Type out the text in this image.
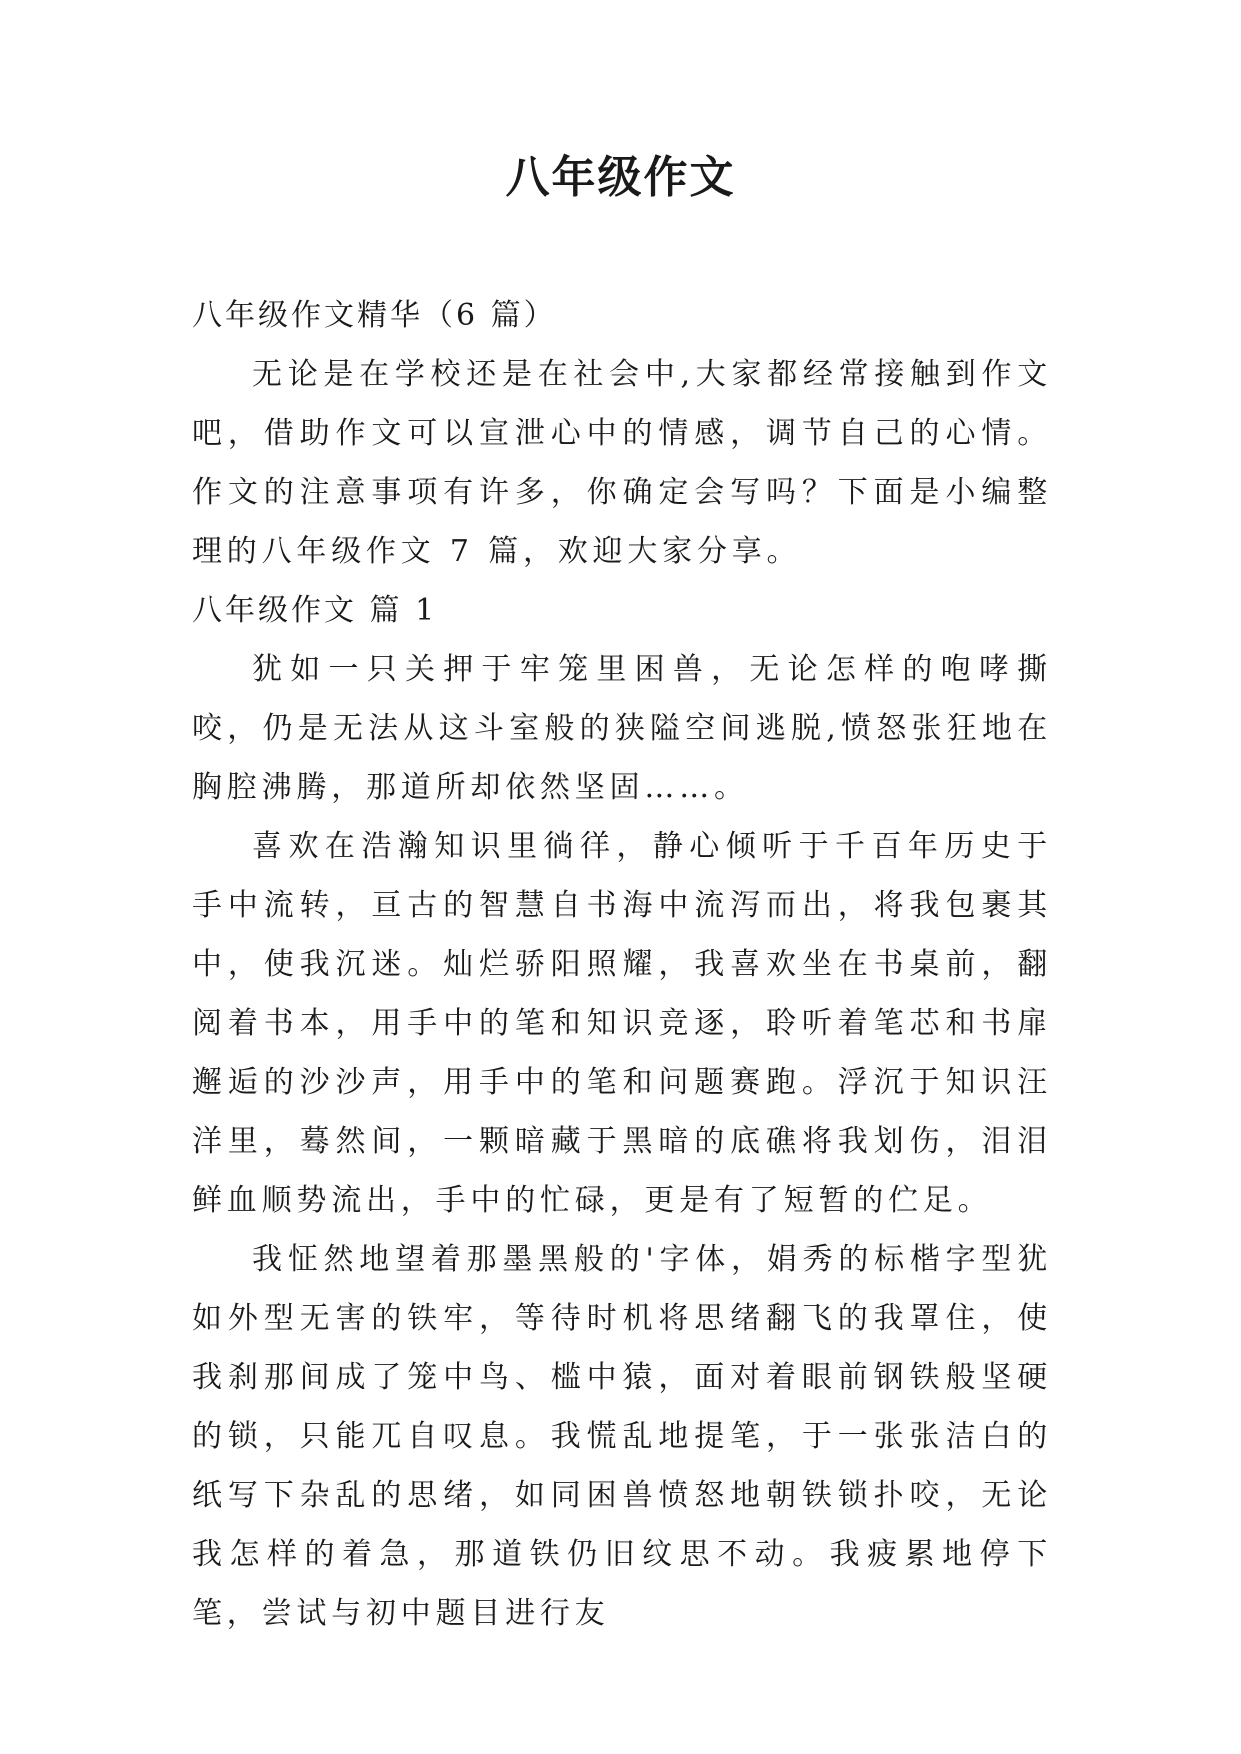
八年级作文

八年级作文精华（6 篇）

无论是在学校还是在社会中,大家都经常接触到作文吧，借助作文可以宣泄心中的情感，调节自己的心情。作文的注意事项有许多，你确定会写吗？下面是小编整理的八年级作文 7 篇，欢迎大家分享。

八年级作文 篇 1

犹如一只关押于牢笼里困兽，无论怎样的咆哮撕咬，仍是无法从这斗室般的狭隘空间逃脱,愤怒张狂地在胸腔沸腾，那道所却依然坚固……。

喜欢在浩瀚知识里徜徉，静心倾听于千百年历史于手中流转，亘古的智慧自书海中流泻而出，将我包裹其中，使我沉迷。灿烂骄阳照耀，我喜欢坐在书桌前，翻阅着书本，用手中的笔和知识竞逐，聆听着笔芯和书扉邂逅的沙沙声，用手中的笔和问题赛跑。浮沉于知识汪洋里，蓦然间，一颗暗藏于黑暗的底礁将我划伤，泪泪鲜血顺势流出，手中的忙碌，更是有了短暂的伫足。

我怔然地望着那墨黑般的'字体，娟秀的标楷字型犹如外型无害的铁牢，等待时机将思绪翻飞的我罩住，使我刹那间成了笼中鸟、槛中猿，面对着眼前钢铁般坚硬的锁，只能兀自叹息。我慌乱地提笔，于一张张洁白的纸写下杂乱的思绪，如同困兽愤怒地朝铁锁扑咬，无论我怎样的着急，那道铁仍旧纹思不动。我疲累地停下笔，尝试与初中题目进行友
